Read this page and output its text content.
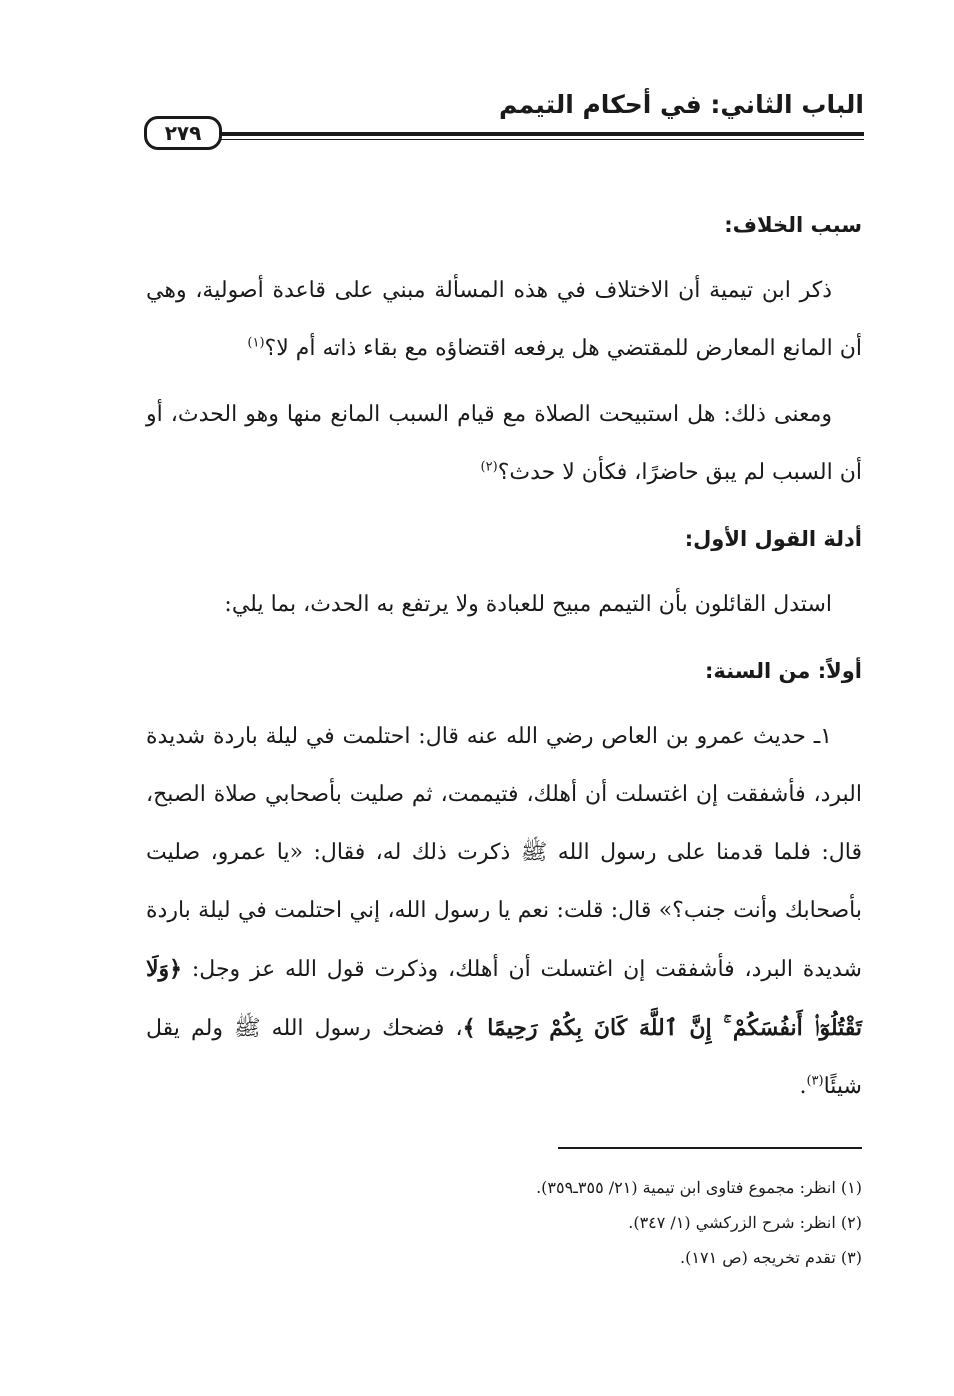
الباب الثاني: في أحكام التيمم
٢٧٩

سبب الخلاف:

ذكر ابن تيمية أن الاختلاف في هذه المسألة مبني على قاعدة أصولية، وهي أن المانع المعارض للمقتضي هل يرفعه اقتضاؤه مع بقاء ذاته أم لا؟$^{(١)}$

ومعنى ذلك: هل استبيحت الصلاة مع قيام السبب المانع منها وهو الحدث، أو أن السبب لم يبق حاضرًا، فكأن لا حدث؟$^{(٢)}$

أدلة القول الأول:

استدل القائلون بأن التيمم مبيح للعبادة ولا يرتفع به الحدث، بما يلي:

أولاً: من السنة:

١ـ حديث عمرو بن العاص رضي الله عنه قال: احتلمت في ليلة باردة شديدة البرد، فأشفقت إن اغتسلت أن أهلك، فتيممت، ثم صليت بأصحابي صلاة الصبح، قال: فلما قدمنا على رسول الله ﷺ ذكرت ذلك له، فقال: «يا عمرو، صليت بأصحابك وأنت جنب؟» قال: قلت: نعم يا رسول الله، إني احتلمت في ليلة باردة شديدة البرد، فأشفقت إن اغتسلت أن أهلك، وذكرت قول الله عز وجل: ﴿وَلَا تَقْتُلُوٓا۟ أَنفُسَكُمْ ۚ إِنَّ ٱللَّهَ كَانَ بِكُمْ رَحِيمًا ﴾، فضحك رسول الله ﷺ ولم يقل شيئًا$^{(٣)}$.

(١) انظر: مجموع فتاوى ابن تيمية (٢١/ ٣٥٥ـ٣٥٩).
(٢) انظر: شرح الزركشي (١/ ٣٤٧).
(٣) تقدم تخريجه (ص ١٧١).
